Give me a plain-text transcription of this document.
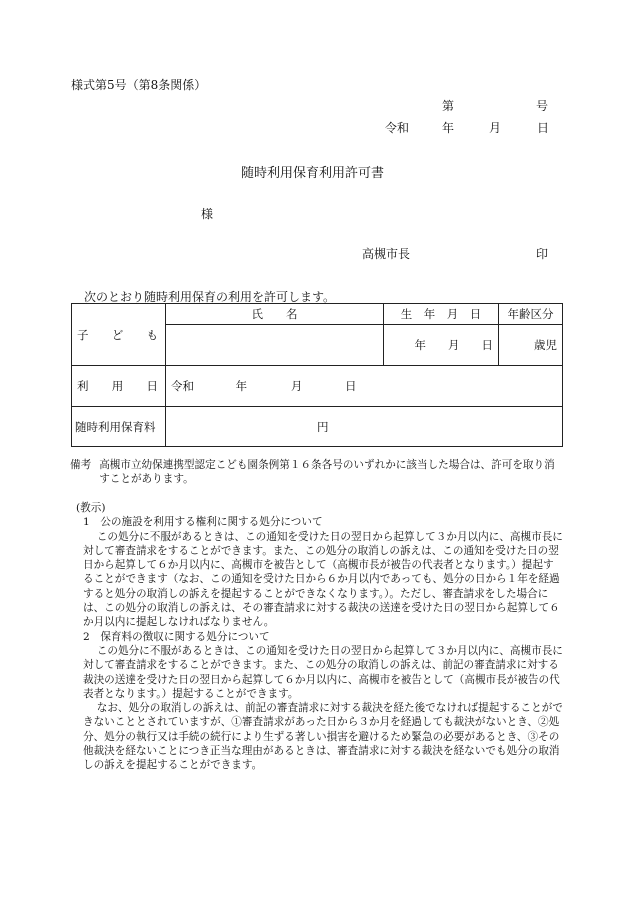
様式第5号（第8条関係）
第	号
令和	年	月	日
随時利用保育利用許可書
様
高槻市長	印
次のとおり随時利用保育の利用を許可します。
子 ど も	氏　　名	生　年　月　日	年齢区分

		年 月 日	歳児

利 用 日	令和 年 月 日		
随時利用保育料	円		
備考 高槻市立幼保連携型認定こども園条例第１６条各号のいずれかに該当した場合は、許可を取り消すことがあります。
(教示)
1　公の施設を利用する権利に関する処分について

この処分に不服があるときは、この通知を受けた日の翌日から起算して３か月以内に、高槻市長に対して審査請求をすることができます。また、この処分の取消しの訴えは、この通知を受けた日の翌日から起算して６か月以内に、高槻市を被告として（高槻市長が被告の代表者となります。）提起することができます（なお、この通知を受けた日から６か月以内であっても、処分の日から１年を経過すると処分の取消しの訴えを提起することができなくなります。）。ただし、審査請求をした場合には、この処分の取消しの訴えは、その審査請求に対する裁決の送達を受けた日の翌日から起算して６か月以内に提起しなければなりません。

2　保育料の徴収に関する処分について

この処分に不服があるときは、この通知を受けた日の翌日から起算して３か月以内に、高槻市長に対して審査請求をすることができます。また、この処分の取消しの訴えは、前記の審査請求に対する裁決の送達を受けた日の翌日から起算して６か月以内に、高槻市を被告として（高槻市長が被告の代表者となります。）提起することができます。

なお、処分の取消しの訴えは、前記の審査請求に対する裁決を経た後でなければ提起することができないこととされていますが、①審査請求があった日から３か月を経過しても裁決がないとき、②処分、処分の執行又は手続の続行により生ずる著しい損害を避けるため緊急の必要があるとき、③その他裁決を経ないことにつき正当な理由があるときは、審査請求に対する裁決を経ないでも処分の取消しの訴えを提起することができます。
